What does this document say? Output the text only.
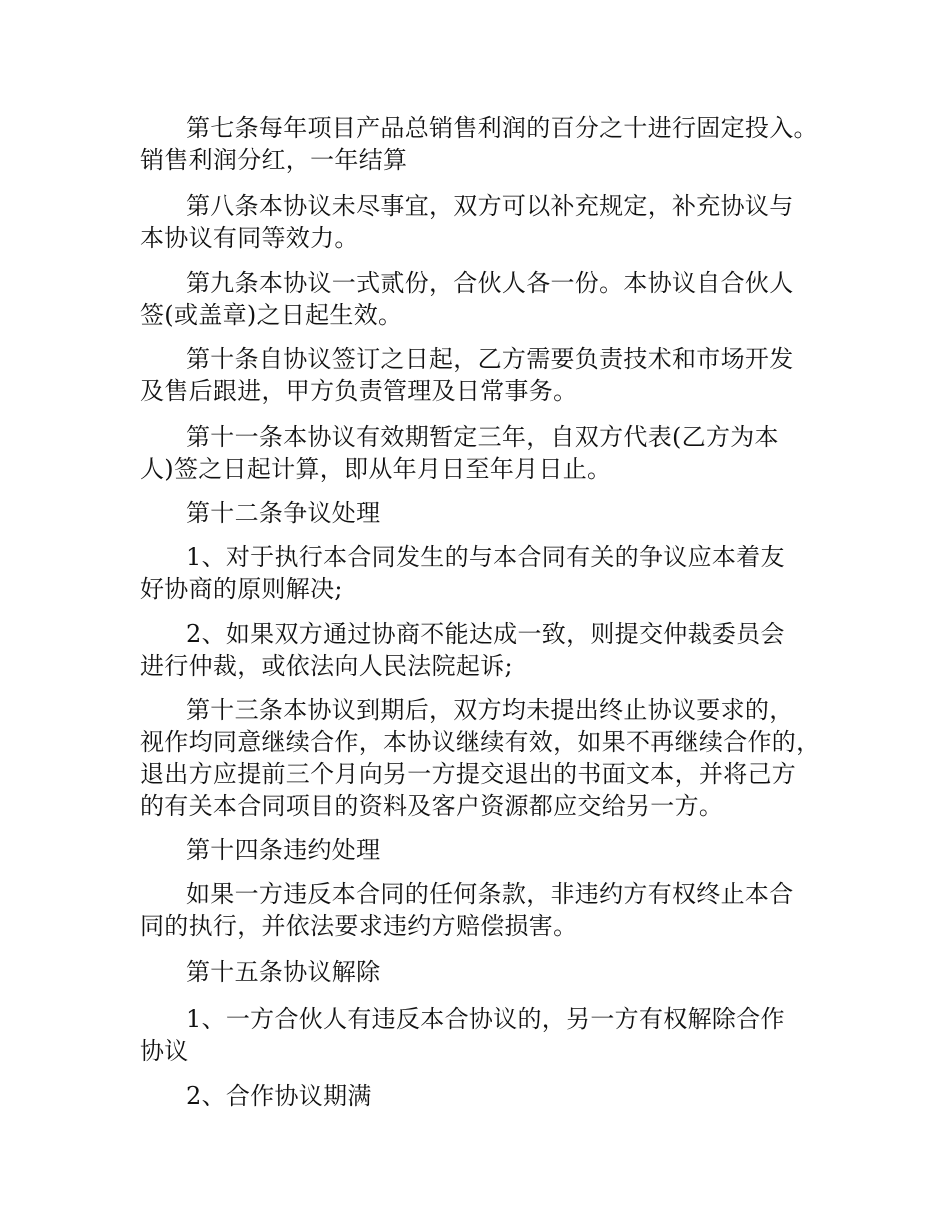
第七条每年项目产品总销售利润的百分之十进行固定投入。
销售利润分红，一年结算
第八条本协议未尽事宜，双方可以补充规定，补充协议与
本协议有同等效力。
第九条本协议一式贰份，合伙人各一份。本协议自合伙人
签(或盖章)之日起生效。
第十条自协议签订之日起，乙方需要负责技术和市场开发
及售后跟进，甲方负责管理及日常事务。
第十一条本协议有效期暂定三年，自双方代表(乙方为本
人)签之日起计算，即从年月日至年月日止。
第十二条争议处理
1、对于执行本合同发生的与本合同有关的争议应本着友
好协商的原则解决;
2、如果双方通过协商不能达成一致，则提交仲裁委员会
进行仲裁，或依法向人民法院起诉;
第十三条本协议到期后，双方均未提出终止协议要求的，
视作均同意继续合作，本协议继续有效，如果不再继续合作的，
退出方应提前三个月向另一方提交退出的书面文本，并将己方
的有关本合同项目的资料及客户资源都应交给另一方。
第十四条违约处理
如果一方违反本合同的任何条款，非违约方有权终止本合
同的执行，并依法要求违约方赔偿损害。
第十五条协议解除
1、一方合伙人有违反本合协议的，另一方有权解除合作
协议
2、合作协议期满
